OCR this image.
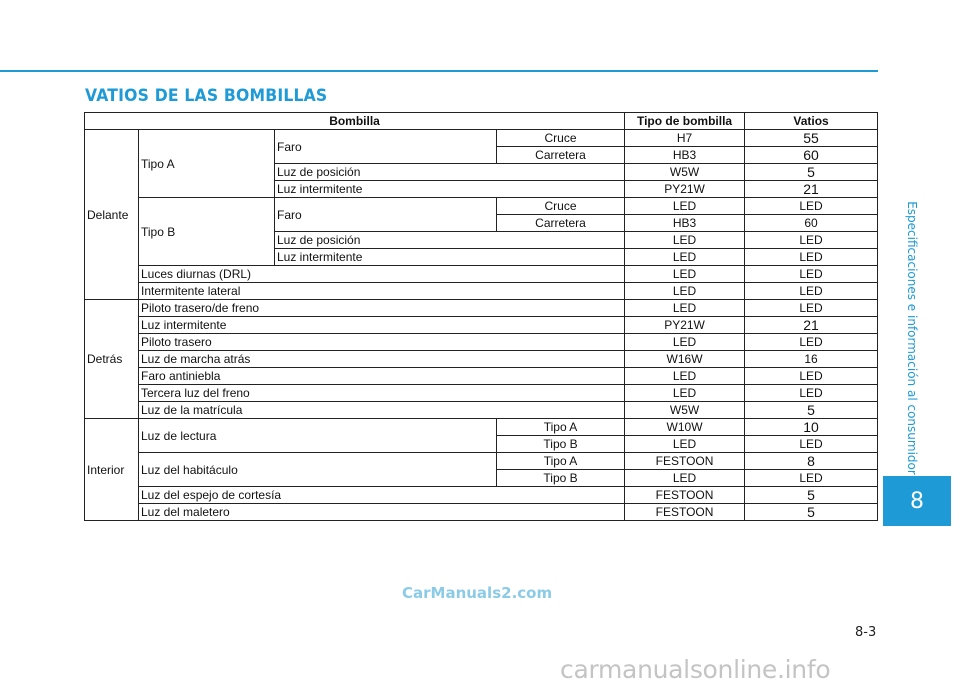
VATIOS DE LAS BOMBILLAS
Especificaciones e información al consumidor
8
Bombilla				Tipo de bombilla	Vatios
Delante	Tipo A	Faro	Cruce	H7	55
			Carretera	HB3	60
		Luz de posición		W5W	5
		Luz intermitente		PY21W	21
	Tipo B	Faro	Cruce	LED	LED
			Carretera	HB3	60
		Luz de posición		LED	LED
		Luz intermitente		LED	LED
	Luces diurnas (DRL)			LED	LED
	Intermitente lateral			LED	LED
Detrás	Piloto trasero/de freno			LED	LED
	Luz intermitente			PY21W	21
	Piloto trasero			LED	LED
	Luz de marcha atrás			W16W	16
	Faro antiniebla			LED	LED
	Tercera luz del freno			LED	LED
	Luz de la matrícula			W5W	5
Interior	Luz de lectura		Tipo A	W10W	10
			Tipo B	LED	LED
	Luz del habitáculo		Tipo A	FESTOON	8
			Tipo B	LED	LED
	Luz del espejo de cortesía			FESTOON	5
	Luz del maletero			FESTOON	5
CarManuals2.com
8-3
carmanualsonline.info
